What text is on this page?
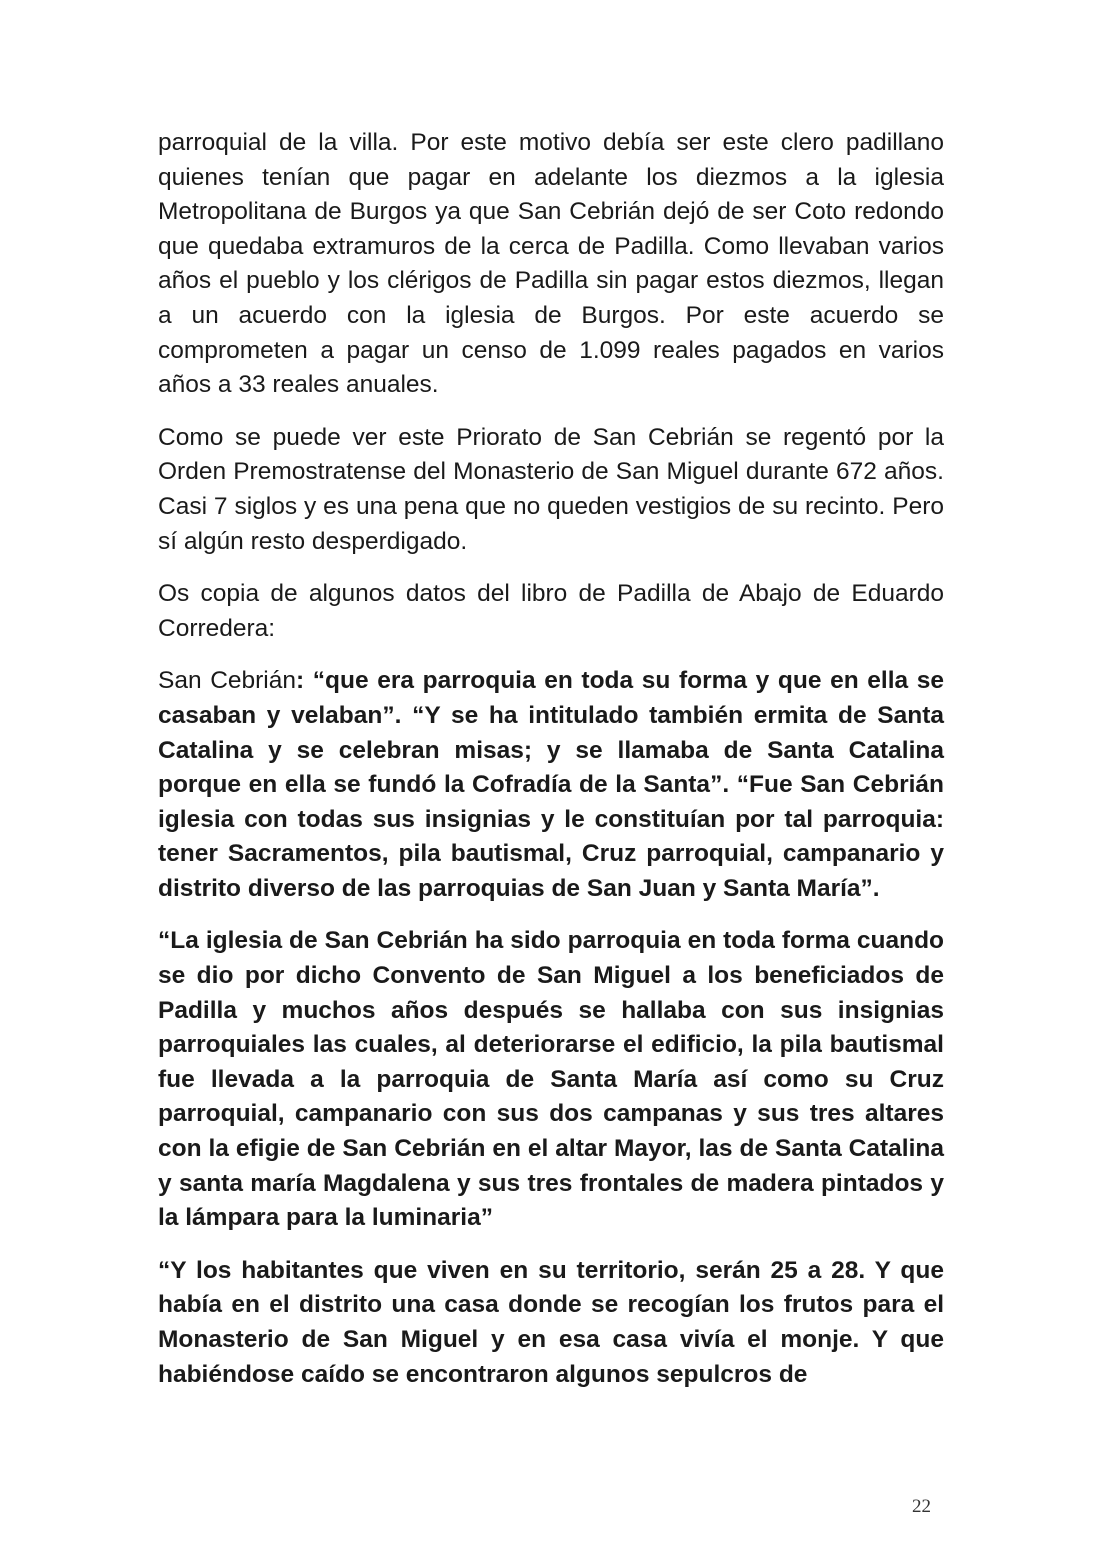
parroquial de la villa. Por este motivo debía ser este clero padillano quienes tenían que pagar en adelante los diezmos a la iglesia Metropolitana de Burgos ya que San Cebrián dejó de ser Coto redondo que quedaba extramuros de la cerca de Padilla. Como llevaban varios años el pueblo y los clérigos de Padilla sin pagar estos diezmos, llegan a un acuerdo con la iglesia de Burgos. Por este acuerdo se comprometen a pagar un censo de 1.099 reales pagados en varios años a 33 reales anuales.

Como se puede ver este Priorato de San Cebrián se regentó por la Orden Premostratense del Monasterio de San Miguel durante 672 años. Casi 7 siglos y es una pena que no queden vestigios de su recinto. Pero sí algún resto desperdigado.

Os copia de algunos datos del libro de Padilla de Abajo de Eduardo Corredera:

San Cebrián: “que era parroquia en toda su forma y que en ella se casaban y velaban”. “Y se ha intitulado también ermita de Santa Catalina y se celebran misas; y se llamaba de Santa Catalina porque en ella se fundó la Cofradía de la Santa”. “Fue San Cebrián iglesia con todas sus insignias y le constituían por tal parroquia: tener Sacramentos, pila bautismal, Cruz parroquial, campanario y distrito diverso de las parroquias de San Juan y Santa María”.

“La iglesia de San Cebrián ha sido parroquia en toda forma cuando se dio por dicho Convento de San Miguel a los beneficiados de Padilla y muchos años después se hallaba con sus insignias parroquiales las cuales, al deteriorarse el edificio, la pila bautismal fue llevada a la parroquia de Santa María así como su Cruz parroquial, campanario con sus dos campanas y sus tres altares con la efigie de San Cebrián en el altar Mayor, las de Santa Catalina y santa maría Magdalena y sus tres frontales de madera pintados y la lámpara para la luminaria”

“Y los habitantes que viven en su territorio, serán 25 a 28. Y que había en el distrito una casa donde se recogían los frutos para el Monasterio de San Miguel y en esa casa vivía el monje. Y que habiéndose caído se encontraron algunos sepulcros de

22
